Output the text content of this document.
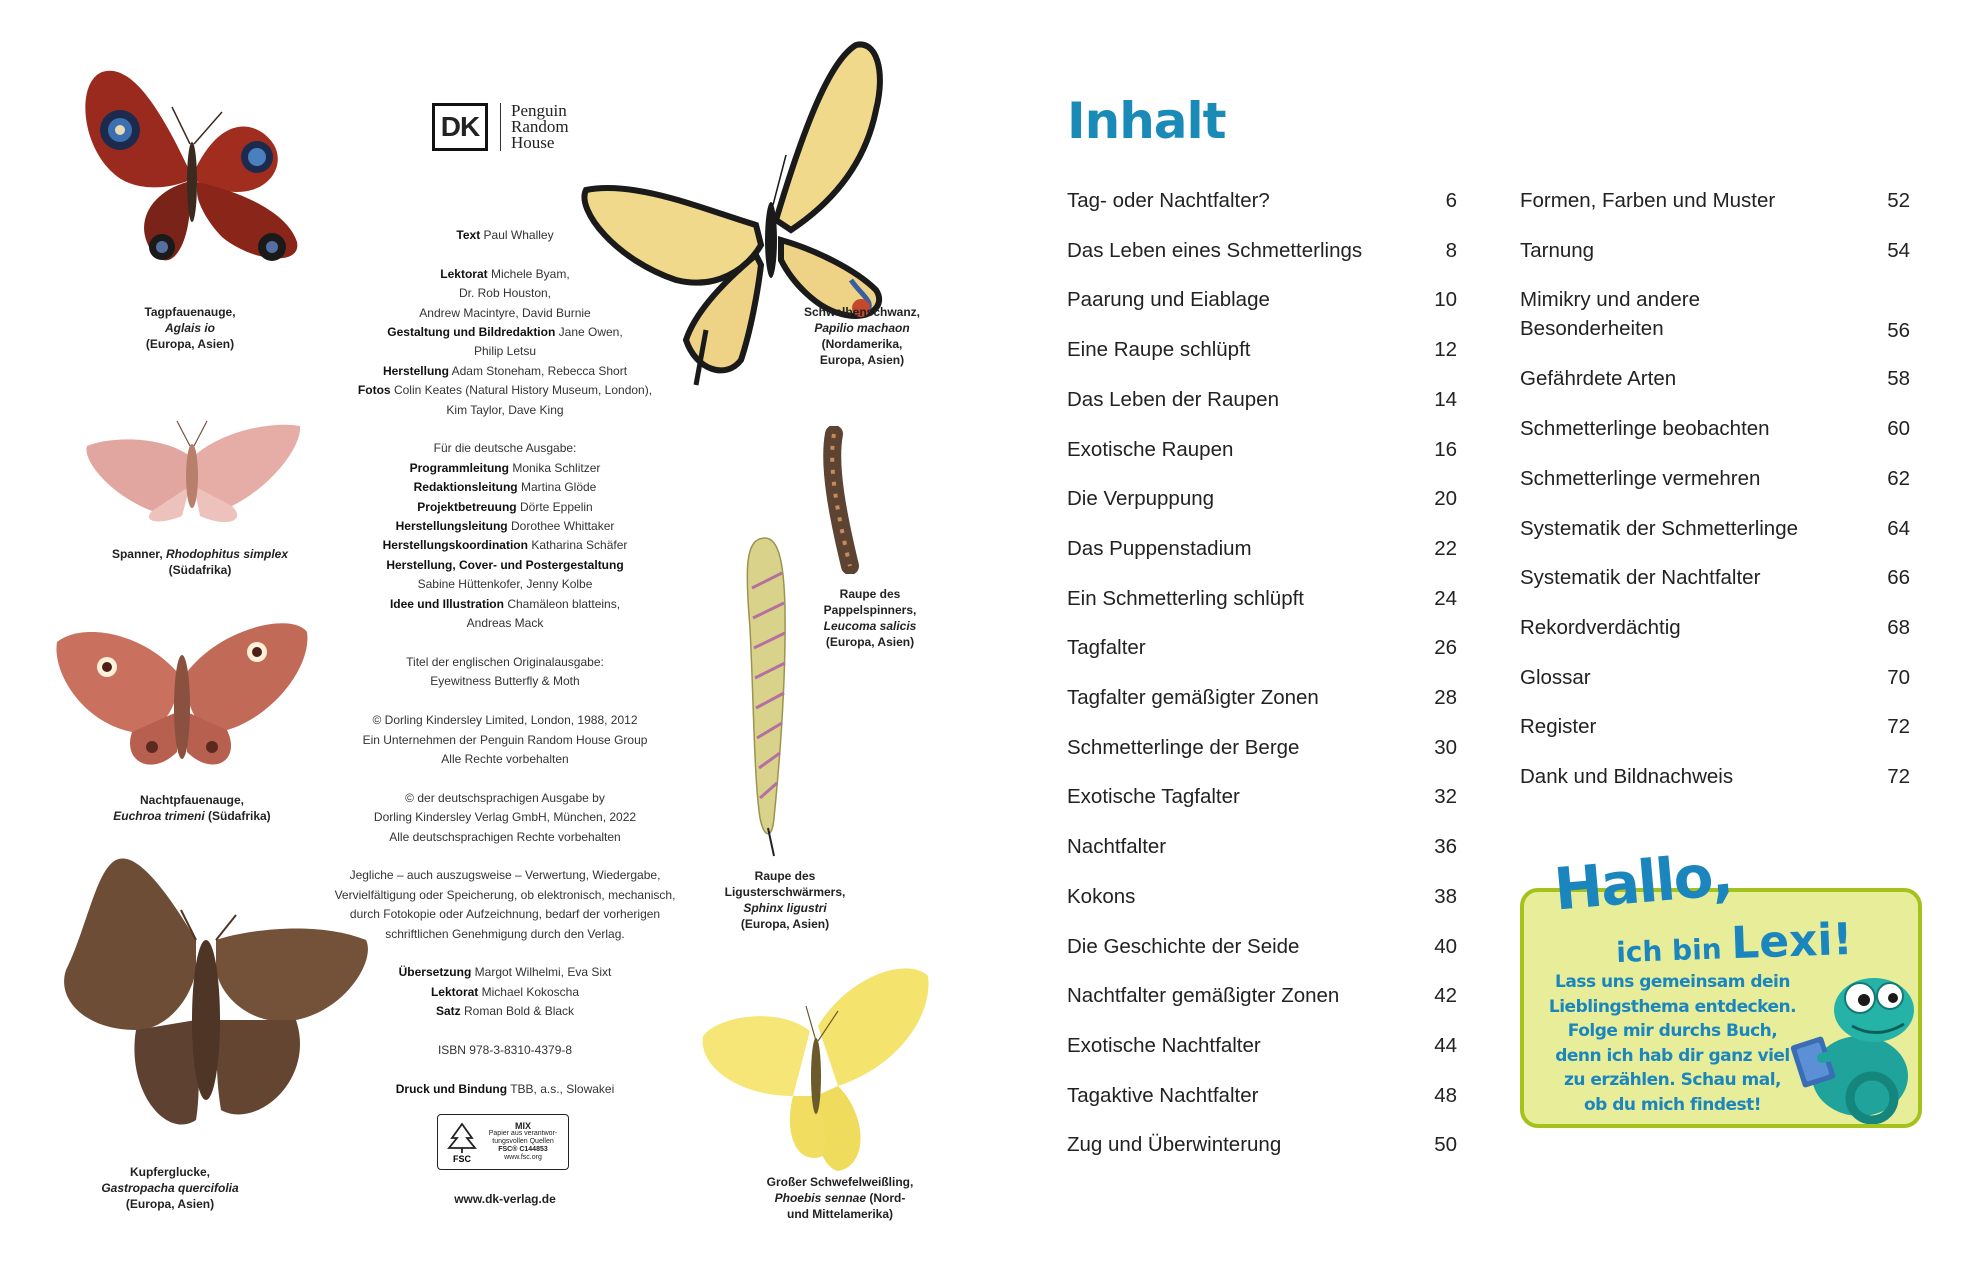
Tagpfauenauge,
Aglais io
(Europa, Asien)
Spanner, Rhodophitus simplex
(Südafrika)
Nachtpfauenauge,
Euchroa trimeni (Südafrika)
Kupferglucke,
Gastropacha quercifolia
(Europa, Asien)
Schwalbenschwanz,
Papilio machaon
(Nordamerika,
Europa, Asien)
Raupe des
Pappelspinners,
Leucoma salicis
(Europa, Asien)
Raupe des
Ligusterschwärmers,
Sphinx ligustri
(Europa, Asien)
Großer Schwefelweißling,
Phoebis sennae (Nord-
und Mittelamerika)
DK
Penguin
Random
House
Text Paul Whalley
Lektorat Michele Byam,
Dr. Rob Houston,
Andrew Macintyre, David Burnie
Gestaltung und Bildredaktion Jane Owen,
Philip Letsu
Herstellung Adam Stoneham, Rebecca Short
Fotos Colin Keates (Natural History Museum, London),
Kim Taylor, Dave King
Für die deutsche Ausgabe:
Programmleitung Monika Schlitzer
Redaktionsleitung Martina Glöde
Projektbetreuung Dörte Eppelin
Herstellungsleitung Dorothee Whittaker
Herstellungskoordination Katharina Schäfer
Herstellung, Cover- und Postergestaltung
Sabine Hüttenkofer, Jenny Kolbe
Idee und Illustration Chamäleon blatteins,
Andreas Mack
Titel der englischen Originalausgabe:
Eyewitness Butterfly & Moth
© Dorling Kindersley Limited, London, 1988, 2012
Ein Unternehmen der Penguin Random House Group
Alle Rechte vorbehalten
© der deutschsprachigen Ausgabe by
Dorling Kindersley Verlag GmbH, München, 2022
Alle deutschsprachigen Rechte vorbehalten
Jegliche – auch auszugsweise – Verwertung, Wiedergabe,
Vervielfältigung oder Speicherung, ob elektronisch, mechanisch,
durch Fotokopie oder Aufzeichnung, bedarf der vorherigen
schriftlichen Genehmigung durch den Verlag.
Übersetzung Margot Wilhelmi, Eva Sixt
Lektorat Michael Kokoscha
Satz Roman Bold & Black
ISBN 978-3-8310-4379-8
Druck und Bindung TBB, a.s., Slowakei
FSC
MIX
Papier aus verantwor-
tungsvollen Quellen
FSC® C144853
www.fsc.org
www.dk-verlag.de
Inhalt
Tag- oder Nachtfalter?	6
Das Leben eines Schmetterlings	8
Paarung und Eiablage	10
Eine Raupe schlüpft	12
Das Leben der Raupen	14
Exotische Raupen	16
Die Verpuppung	20
Das Puppenstadium	22
Ein Schmetterling schlüpft	24
Tagfalter	26
Tagfalter gemäßigter Zonen	28
Schmetterlinge der Berge	30
Exotische Tagfalter	32
Nachtfalter	36
Kokons	38
Die Geschichte der Seide	40
Nachtfalter gemäßigter Zonen	42
Exotische Nachtfalter	44
Tagaktive Nachtfalter	48
Zug und Überwinterung	50
Formen, Farben und Muster	52
Tarnung	54
Mimikry und andere Besonderheiten	56
Gefährdete Arten	58
Schmetterlinge beobachten	60
Schmetterlinge vermehren	62
Systematik der Schmetterlinge	64
Systematik der Nachtfalter	66
Rekordverdächtig	68
Glossar	70
Register	72
Dank und Bildnachweis	72
Hallo,
ich bin Lexi!
Lass uns gemeinsam dein
Lieblingsthema entdecken.
Folge mir durchs Buch,
denn ich hab dir ganz viel
zu erzählen. Schau mal,
ob du mich findest!
